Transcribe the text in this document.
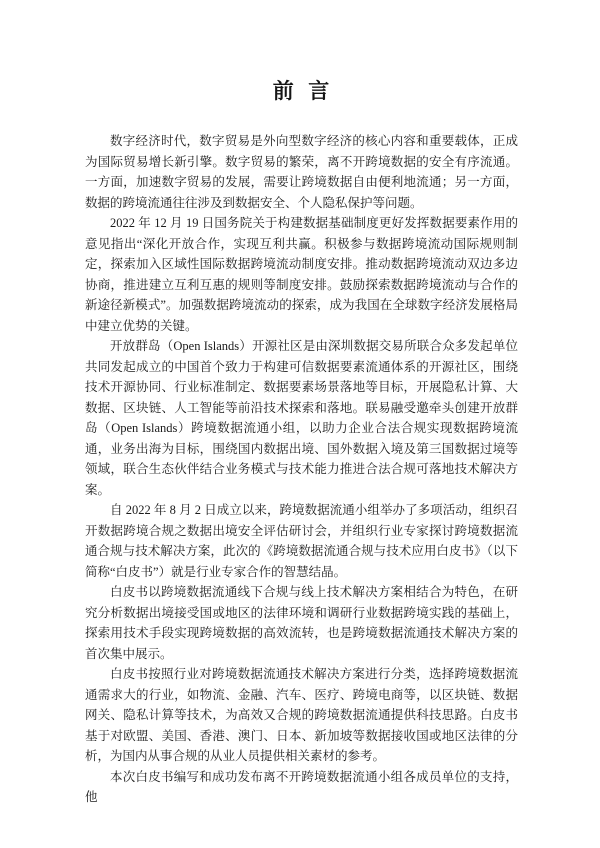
前 言

数字经济时代，数字贸易是外向型数字经济的核心内容和重要载体，正成为国际贸易增长新引擎。数字贸易的繁荣，离不开跨境数据的安全有序流通。一方面，加速数字贸易的发展，需要让跨境数据自由便利地流通；另一方面，数据的跨境流通往往涉及到数据安全、个人隐私保护等问题。

2022 年 12 月 19 日国务院关于构建数据基础制度更好发挥数据要素作用的意见指出“深化开放合作，实现互利共赢。积极参与数据跨境流动国际规则制定，探索加入区域性国际数据跨境流动制度安排。推动数据跨境流动双边多边协商，推进建立互利互惠的规则等制度安排。鼓励探索数据跨境流动与合作的新途径新模式”。加强数据跨境流动的探索，成为我国在全球数字经济发展格局中建立优势的关键。

开放群岛（Open Islands）开源社区是由深圳数据交易所联合众多发起单位共同发起成立的中国首个致力于构建可信数据要素流通体系的开源社区，围绕技术开源协同、行业标准制定、数据要素场景落地等目标，开展隐私计算、大数据、区块链、人工智能等前沿技术探索和落地。联易融受邀牵头创建开放群岛（Open Islands）跨境数据流通小组，以助力企业合法合规实现数据跨境流通，业务出海为目标，围绕国内数据出境、国外数据入境及第三国数据过境等领域，联合生态伙伴结合业务模式与技术能力推进合法合规可落地技术解决方案。

自 2022 年 8 月 2 日成立以来，跨境数据流通小组举办了多项活动，组织召开数据跨境合规之数据出境安全评估研讨会，并组织行业专家探讨跨境数据流通合规与技术解决方案，此次的《跨境数据流通合规与技术应用白皮书》（以下简称“白皮书”）就是行业专家合作的智慧结晶。

白皮书以跨境数据流通线下合规与线上技术解决方案相结合为特色，在研究分析数据出境接受国或地区的法律环境和调研行业数据跨境实践的基础上，探索用技术手段实现跨境数据的高效流转，也是跨境数据流通技术解决方案的首次集中展示。

白皮书按照行业对跨境数据流通技术解决方案进行分类，选择跨境数据流通需求大的行业，如物流、金融、汽车、医疗、跨境电商等，以区块链、数据网关、隐私计算等技术，为高效又合规的跨境数据流通提供科技思路。白皮书基于对欧盟、美国、香港、澳门、日本、新加坡等数据接收国或地区法律的分析，为国内从事合规的从业人员提供相关素材的参考。

本次白皮书编写和成功发布离不开跨境数据流通小组各成员单位的支持，他
